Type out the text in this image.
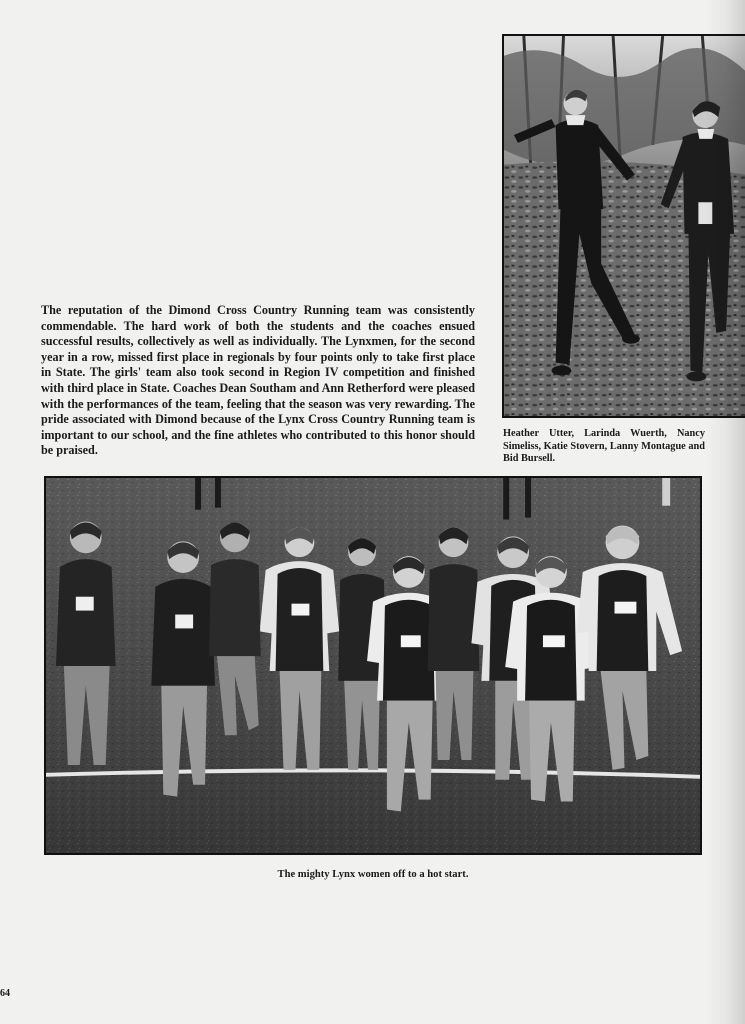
The reputation of the Dimond Cross Country Running team was consistently commendable. The hard work of both the students and the coaches ensued successful results, collectively as well as individually. The Lynxmen, for the second year in a row, missed first place in regionals by four points only to take first place in State. The girls' team also took second in Region IV competition and finished with third place in State. Coaches Dean Southam and Ann Retherford were pleased with the performances of the team, feeling that the season was very rewarding. The pride associated with Dimond because of the Lynx Cross Country Running team is important to our school, and the fine athletes who contributed to this honor should be praised.

Heather Utter, Larinda Wuerth, Nancy Simeliss, Katie Stovern, Lanny Montague and Bid Bursell.

The mighty Lynx women off to a hot start.

64
